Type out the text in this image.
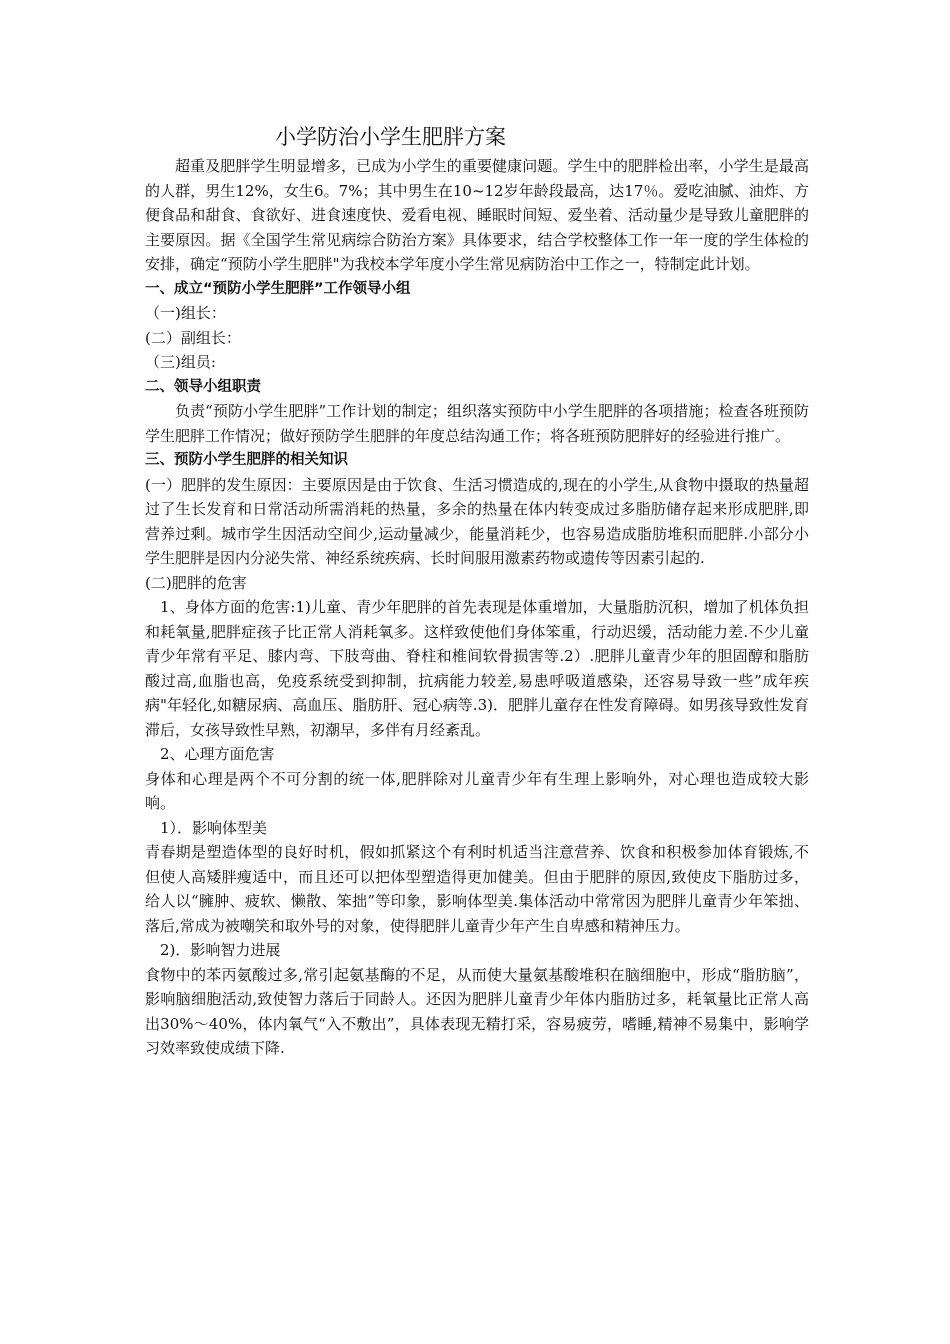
小学防治小学生肥胖方案

超重及肥胖学生明显增多，已成为小学生的重要健康问题。学生中的肥胖检出率，小学生是最高的人群，男生12%，女生6。7%；其中男生在10~12岁年龄段最高，达17％。爱吃油腻、油炸、方便食品和甜食、食欲好、进食速度快、爱看电视、睡眠时间短、爱坐着、活动量少是导致儿童肥胖的主要原因。据《全国学生常见病综合防治方案》具体要求，结合学校整体工作一年一度的学生体检的安排，确定“预防小学生肥胖"为我校本学年度小学生常见病防治中工作之一，特制定此计划。

一、成立“预防小学生肥胖”工作领导小组

（一)组长：

(二）副组长：

（三)组员:

二、领导小组职责

负责“预防小学生肥胖”工作计划的制定；组织落实预防中小学生肥胖的各项措施；检查各班预防学生肥胖工作情况；做好预防学生肥胖的年度总结沟通工作；将各班预防肥胖好的经验进行推广。

三、预防小学生肥胖的相关知识

(一）肥胖的发生原因：主要原因是由于饮食、生活习惯造成的,现在的小学生,从食物中摄取的热量超过了生长发育和日常活动所需消耗的热量，多余的热量在体内转变成过多脂肪储存起来形成肥胖,即营养过剩。城市学生因活动空间少,运动量减少，能量消耗少，也容易造成脂肪堆积而肥胖.小部分小学生肥胖是因内分泌失常、神经系统疾病、长时间服用激素药物或遗传等因素引起的.

(二)肥胖的危害

1、身体方面的危害:1)儿童、青少年肥胖的首先表现是体重增加，大量脂肪沉积，增加了机体负担和耗氧量,肥胖症孩子比正常人消耗氧多。这样致使他们身体笨重，行动迟缓，活动能力差.不少儿童青少年常有平足、膝内弯、下肢弯曲、脊柱和椎间软骨损害等.2）.肥胖儿童青少年的胆固醇和脂肪酸过高,血脂也高，免疫系统受到抑制，抗病能力较差,易患呼吸道感染，还容易导致一些”成年疾病"年轻化,如糖尿病、高血压、脂肪肝、冠心病等.3)．肥胖儿童存在性发育障碍。如男孩导致性发育滞后，女孩导致性早熟，初潮早，多伴有月经紊乱。

2、心理方面危害

身体和心理是两个不可分割的统一体,肥胖除对儿童青少年有生理上影响外，对心理也造成较大影响。

1）．影响体型美

青春期是塑造体型的良好时机，假如抓紧这个有利时机适当注意营养、饮食和积极参加体育锻炼,不但使人高矮胖瘦适中，而且还可以把体型塑造得更加健美。但由于肥胖的原因,致使皮下脂肪过多，给人以“臃肿、疲软、懒散、笨拙”等印象，影响体型美.集体活动中常常因为肥胖儿童青少年笨拙、落后,常成为被嘲笑和取外号的对象，使得肥胖儿童青少年产生自卑感和精神压力。

2)．影响智力进展

食物中的苯丙氨酸过多,常引起氨基酶的不足，从而使大量氨基酸堆积在脑细胞中，形成“脂肪脑”，影响脑细胞活动,致使智力落后于同龄人。还因为肥胖儿童青少年体内脂肪过多，耗氧量比正常人高出30%～40%，体内氧气“入不敷出”，具体表现无精打采，容易疲劳，嗜睡,精神不易集中，影响学习效率致使成绩下降.
